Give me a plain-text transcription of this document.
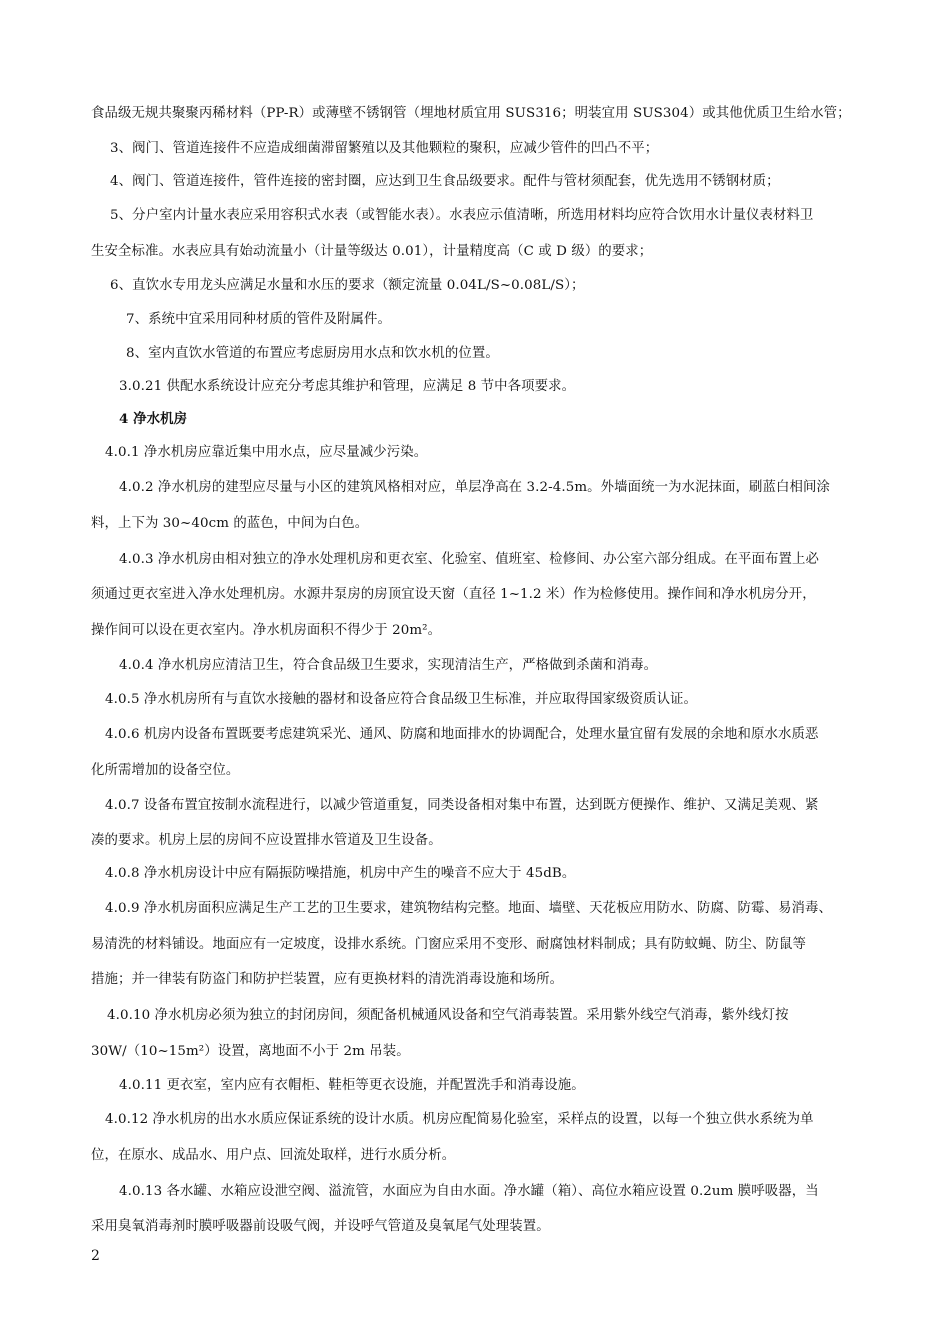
食品级无规共聚聚丙稀材料（PP-R）或薄壁不锈钢管（埋地材质宜用 SUS316；明装宜用 SUS304）或其他优质卫生给水管；
3、阀门、管道连接件不应造成细菌滞留繁殖以及其他颗粒的聚积，应减少管件的凹凸不平；
4、阀门、管道连接件，管件连接的密封圈，应达到卫生食品级要求。配件与管材须配套，优先选用不锈钢材质；
5、分户室内计量水表应采用容积式水表（或智能水表）。水表应示值清晰，所选用材料均应符合饮用水计量仪表材料卫
生安全标准。水表应具有始动流量小（计量等级达 0.01），计量精度高（C 或 D 级）的要求；
6、直饮水专用龙头应满足水量和水压的要求（额定流量 0.04L/S~0.08L/S）；
7、系统中宜采用同种材质的管件及附属件。
8、室内直饮水管道的布置应考虑厨房用水点和饮水机的位置。
3.0.21 供配水系统设计应充分考虑其维护和管理，应满足 8 节中各项要求。
4 净水机房
4.0.1 净水机房应靠近集中用水点，应尽量减少污染。
4.0.2 净水机房的建型应尽量与小区的建筑风格相对应，单层净高在 3.2-4.5m。外墙面统一为水泥抹面，刷蓝白相间涂
料，上下为 30~40cm 的蓝色，中间为白色。
4.0.3 净水机房由相对独立的净水处理机房和更衣室、化验室、值班室、检修间、办公室六部分组成。在平面布置上必
须通过更衣室进入净水处理机房。水源井泵房的房顶宜设天窗（直径 1~1.2 米）作为检修使用。操作间和净水机房分开，
操作间可以设在更衣室内。净水机房面积不得少于 20m²。
4.0.4 净水机房应清洁卫生，符合食品级卫生要求，实现清洁生产，严格做到杀菌和消毒。
4.0.5 净水机房所有与直饮水接触的器材和设备应符合食品级卫生标准，并应取得国家级资质认证。
4.0.6 机房内设备布置既要考虑建筑采光、通风、防腐和地面排水的协调配合，处理水量宜留有发展的余地和原水水质恶
化所需增加的设备空位。
4.0.7 设备布置宜按制水流程进行，以减少管道重复，同类设备相对集中布置，达到既方便操作、维护、又满足美观、紧
凑的要求。机房上层的房间不应设置排水管道及卫生设备。
4.0.8 净水机房设计中应有隔振防噪措施，机房中产生的噪音不应大于 45dB。
4.0.9 净水机房面积应满足生产工艺的卫生要求，建筑物结构完整。地面、墙壁、天花板应用防水、防腐、防霉、易消毒、
易清洗的材料铺设。地面应有一定坡度，设排水系统。门窗应采用不变形、耐腐蚀材料制成；具有防蚊蝇、防尘、防鼠等
措施；并一律装有防盗门和防护拦装置，应有更换材料的清洗消毒设施和场所。
4.0.10 净水机房必须为独立的封闭房间，须配备机械通风设备和空气消毒装置。采用紫外线空气消毒，紫外线灯按
30W/（10~15m²）设置，离地面不小于 2m 吊装。
4.0.11 更衣室，室内应有衣帽柜、鞋柜等更衣设施，并配置洗手和消毒设施。
4.0.12 净水机房的出水水质应保证系统的设计水质。机房应配简易化验室，采样点的设置，以每一个独立供水系统为单
位，在原水、成品水、用户点、回流处取样，进行水质分析。
4.0.13 各水罐、水箱应设泄空阀、溢流管，水面应为自由水面。净水罐（箱）、高位水箱应设置 0.2um 膜呼吸器，当
采用臭氧消毒剂时膜呼吸器前设吸气阀，并设呼气管道及臭氧尾气处理装置。
2
